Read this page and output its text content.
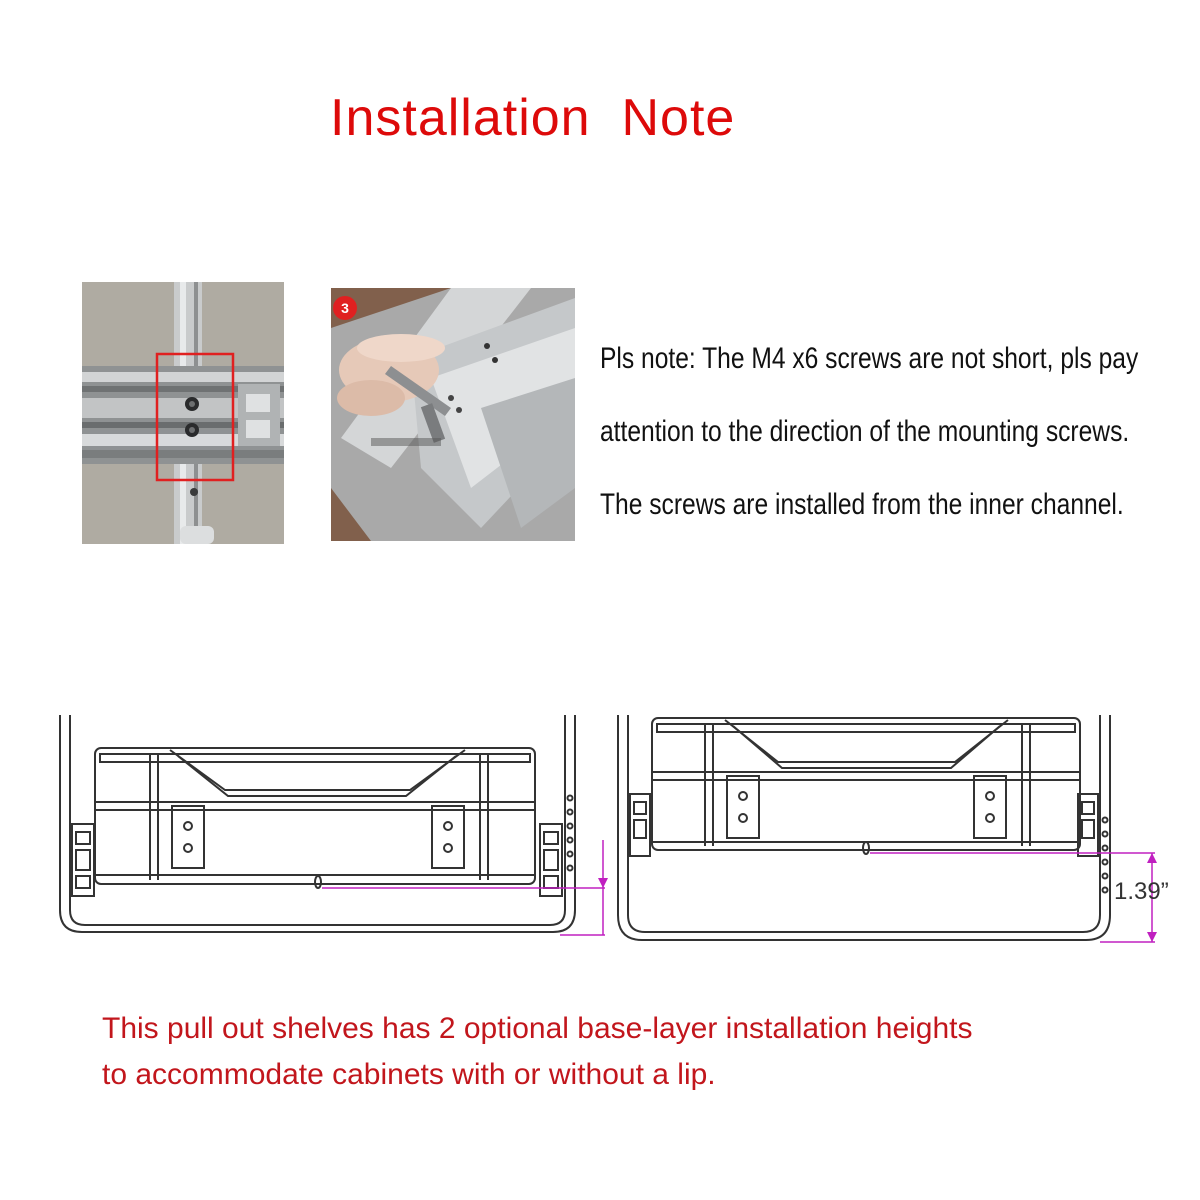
Installation  Note
3
Pls note: The M4 x6 screws are not short, pls pay
attention to the direction of the mounting screws.
The screws are installed from the inner channel.
1.39”
This pull out shelves has 2 optional base-layer installation heights
to accommodate cabinets with or without a lip.
